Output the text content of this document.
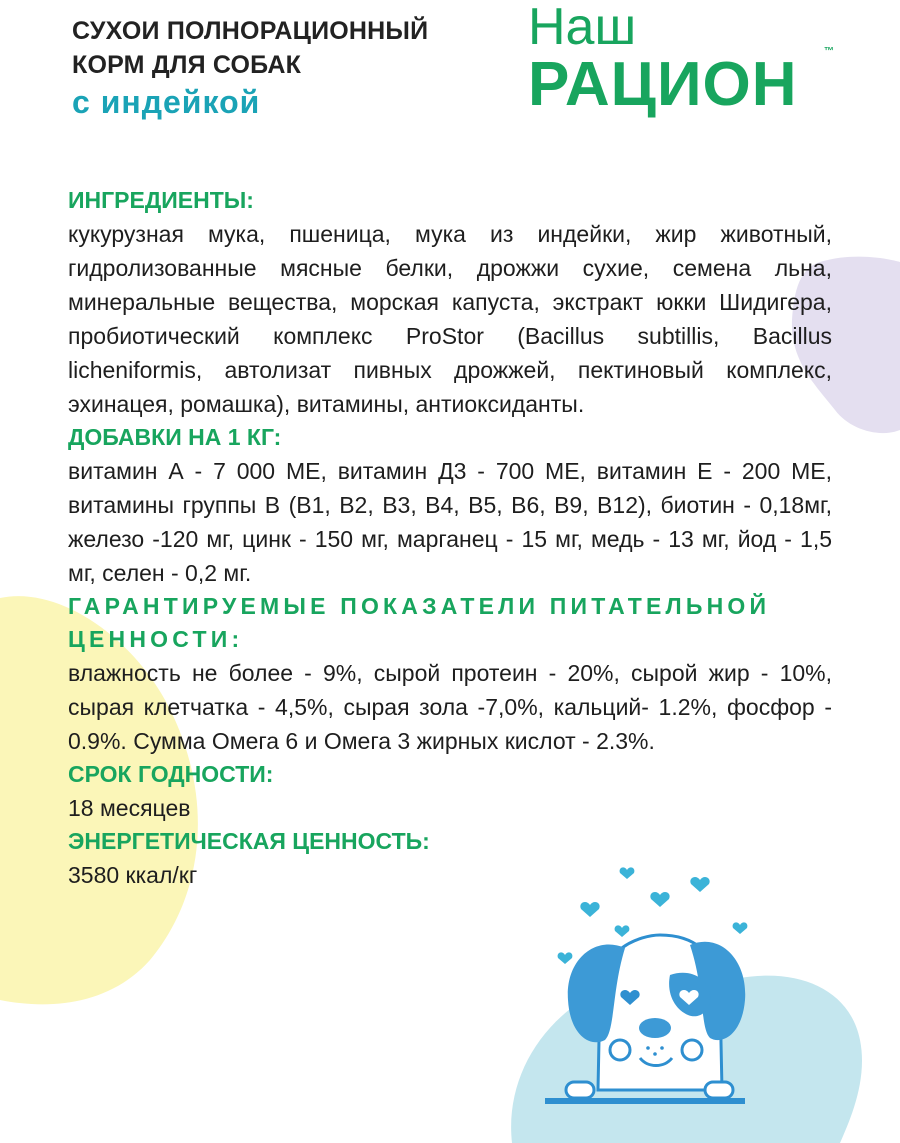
СУХОИ ПОЛНОРАЦИОННЫЙ
КОРМ ДЛЯ СОБАК
с индейкой
Наш
РАЦИОН	™
ИНГРЕДИЕНТЫ:
кукурузная мука, пшеница, мука из индейки, жир животный, гидролизованные мясные белки, дрожжи сухие, семена льна, минеральные вещества, морская капуста, экстракт юкки Шидигера, пробиотический комплекс ProStor (Bacillus subtillis, Bacillus licheniformis, автолизат пивных дрожжей, пектиновый комплекс, эхинацея, ромашка), витамины, антиоксиданты.
ДОБАВКИ НА 1 КГ:
витамин А - 7 000 МЕ, витамин Д3 - 700 МЕ, витамин Е - 200 МЕ, витамины группы В (В1, В2, В3, В4, В5, В6, В9, В12), биотин - 0,18мг, железо -120 мг, цинк - 150 мг, марганец - 15 мг, медь - 13 мг, йод - 1,5 мг, селен - 0,2 мг.
ГАРАНТИРУЕМЫЕ ПОКАЗАТЕЛИ ПИТАТЕЛЬНОЙ ЦЕННОСТИ:
влажность не более - 9%, сырой протеин - 20%, сырой жир - 10%, сырая клетчатка - 4,5%, сырая зола -7,0%, кальций- 1.2%, фосфор - 0.9%. Сумма Омега 6 и Омега 3 жирных кислот - 2.3%.
СРОК ГОДНОСТИ:
18 месяцев
ЭНЕРГЕТИЧЕСКАЯ ЦЕННОСТЬ:
3580 ккал/кг
